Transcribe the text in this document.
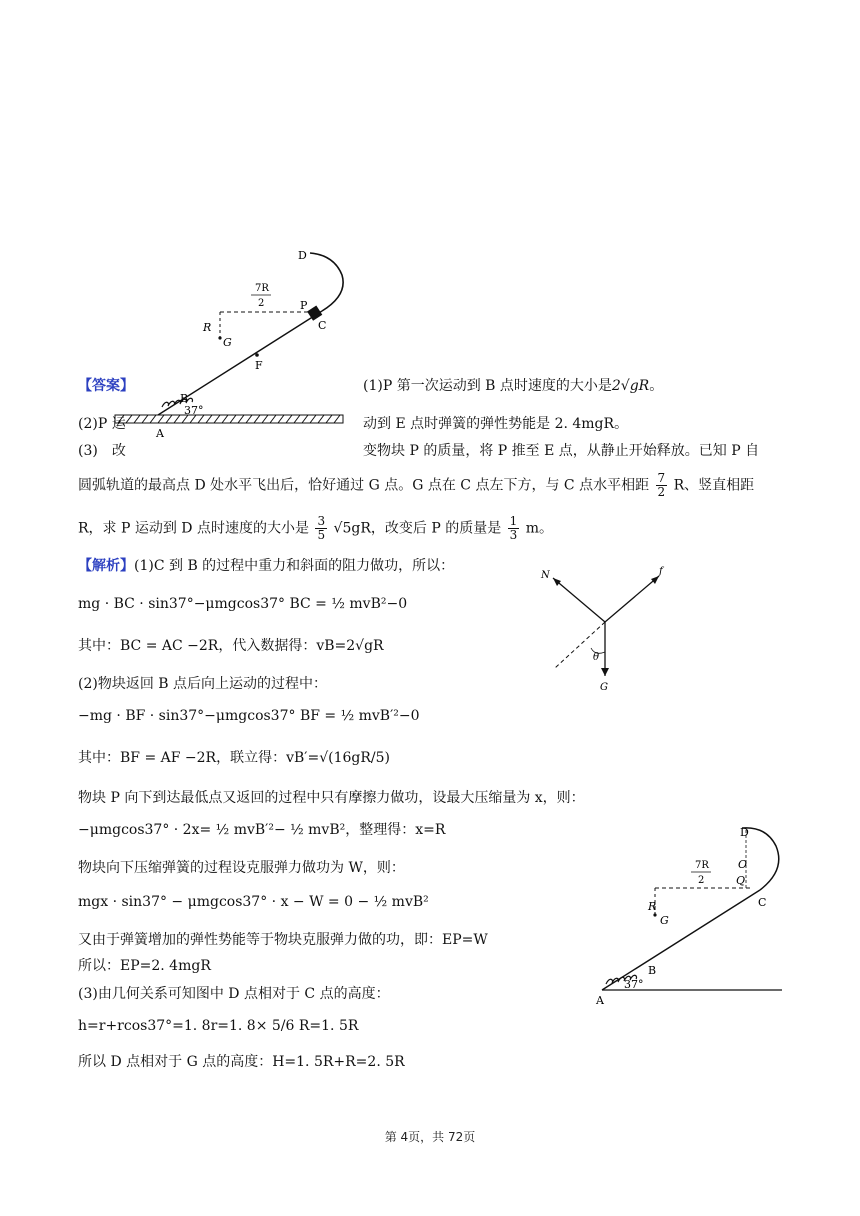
D
P
C
R
G
F
B
A
37°
7R
2
【答案】	(1)P 第一次运动到 B 点时速度的大小是2√gR。
(2)P 运	动到 E 点时弹簧的弹性势能是 2. 4mgR。
(3)　改	变物块 P 的质量，将 P 推至 E 点，从静止开始释放。已知 P 自
圆弧轨道的最高点 D 处水平飞出后，恰好通过 G 点。G 点在 C 点左下方，与 C 点水平相距 $\frac{7}{2}$ R、竖直相距
R，求 P 运动到 D 点时速度的大小是 $\frac{3}{5} √5gR$，改变后 P 的质量是 $\frac{1}{3}$ m。
【解析】(1)C 到 B 的过程中重力和斜面的阻力做功，所以：
mg · BC · sin37°−μmgcos37° BC = ½ mvB²−0
其中：BC = AC −2R，代入数据得：vB=2√gR
(2)物块返回 B 点后向上运动的过程中：
−mg · BF · sin37°−μmgcos37° BF = ½ mvB′²−0
其中：BF = AF −2R，联立得：vB′=√(16gR/5)
物块 P 向下到达最低点又返回的过程中只有摩擦力做功，设最大压缩量为 x，则：
−μmgcos37° · 2x= ½ mvB′²− ½ mvB²，整理得：x=R
物块向下压缩弹簧的过程设克服弹力做功为 W，则：
mgx · sin37° − μmgcos37° · x − W = 0 − ½ mvB²
又由于弹簧增加的弹性势能等于物块克服弹力做的功，即：EP=W
所以：EP=2. 4mgR
(3)由几何关系可知图中 D 点相对于 C 点的高度：
h=r+rcos37°=1. 8r=1. 8× 5/6 R=1. 5R
所以 D 点相对于 G 点的高度：H=1. 5R+R=2. 5R
N	f
θ
G
D
O
Q
C
R
G
B
A
37°
7R
2
第 4页，共 72页
